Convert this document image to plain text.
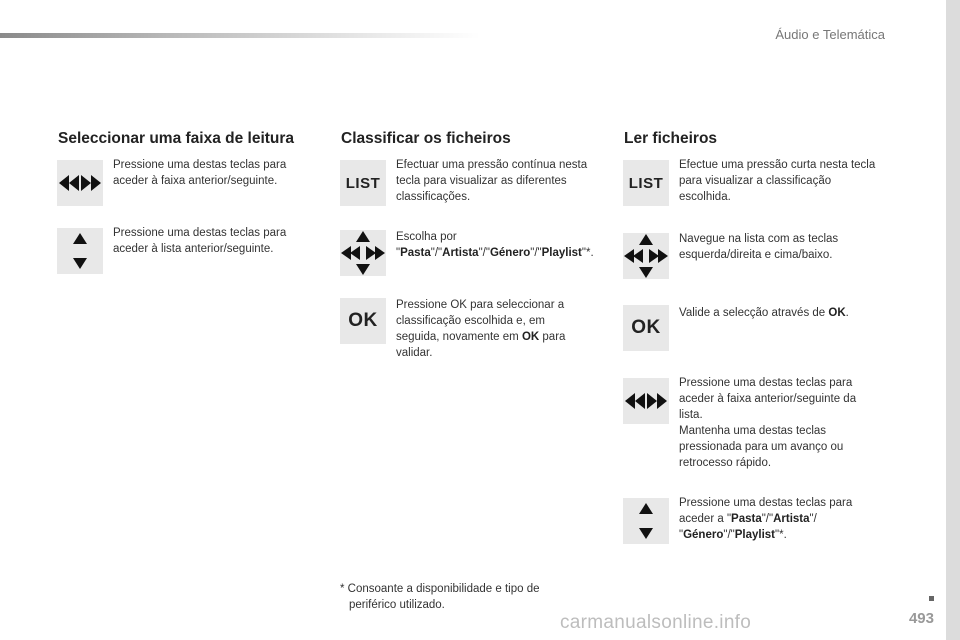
Áudio e Telemática
Seleccionar uma faixa de leitura
Pressione uma destas teclas para aceder à faixa anterior/seguinte.
Pressione uma destas teclas para aceder à lista anterior/seguinte.
Classificar os ficheiros
LIST
Efectuar uma pressão contínua nesta tecla para visualizar as diferentes classificações.
Escolha por "Pasta"/"Artista"/"Género"/"Playlist"*.
OK
Pressione OK para seleccionar a classificação escolhida e, em seguida, novamente em OK para validar.
Ler ficheiros
LIST
Efectue uma pressão curta nesta tecla para visualizar a classificação escolhida.
Navegue na lista com as teclas esquerda/direita e cima/baixo.
OK
Valide a selecção através de OK.
Pressione uma destas teclas para aceder à faixa anterior/seguinte da lista.
Mantenha uma destas teclas pressionada para um avanço ou retrocesso rápido.
Pressione uma destas teclas para aceder a "Pasta"/"Artista"/ "Género"/"Playlist"*.
* Consoante a disponibilidade e tipo de
periférico utilizado.
493
carmanualsonline.info
